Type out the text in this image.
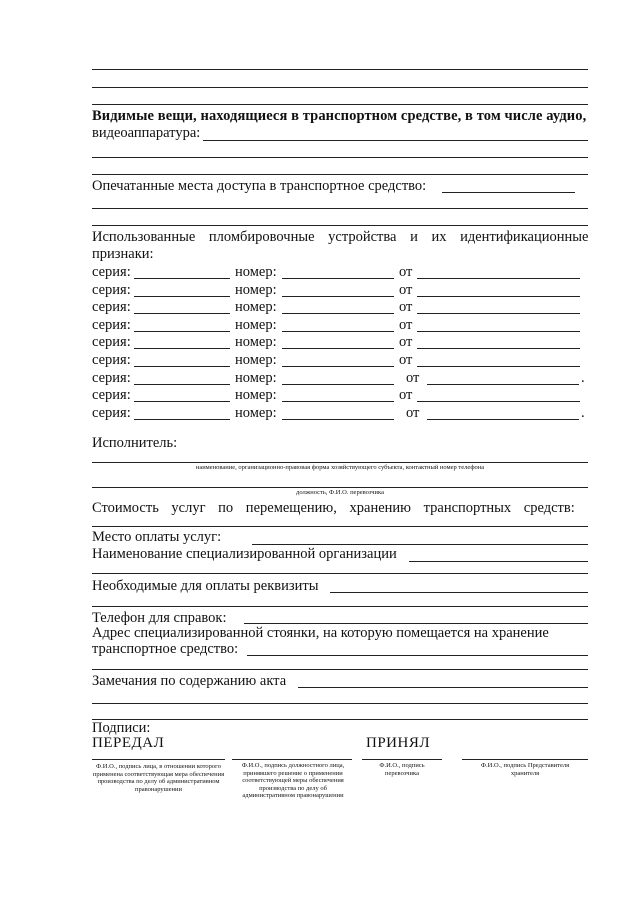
Видимые вещи, находящиеся в транспортном средстве, в том числе аудио,
видеоаппаратура:
Опечатанные места доступа в транспортное средство:
Использованные пломбировочные устройства и их идентификационные
признаки:
серия:	номер:	от
серия:	номер:	от
серия:	номер:	от
серия:	номер:	от
серия:	номер:	от
серия:	номер:	от
серия:	номер:	от	.
серия:	номер:	от
серия:	номер:	от	.
Исполнитель:
наименование, организационно-правовая форма хозяйствующего субъекта, контактный номер телефона
должность, Ф.И.О. перевозчика
Стоимость услуг по перемещению, хранению транспортных средств:
Место оплаты услуг:
Наименование специализированной организации
Необходимые для оплаты реквизиты
Телефон для справок:
Адрес специализированной стоянки, на которую помещается на хранение
транспортное средство:
Замечания по содержанию акта
Подписи:
ПЕРЕДАЛ	ПРИНЯЛ
Ф.И.О., подпись лица, в отношении которого применена соответствующая мера обеспечения производства по делу об административном правонарушении
Ф.И.О., подпись должностного лица, принявшего решение о применении соответствующей меры обеспечения производства по делу об административном правонарушении
Ф.И.О., подпись перевозчика
Ф.И.О., подпись Представителя хранителя
